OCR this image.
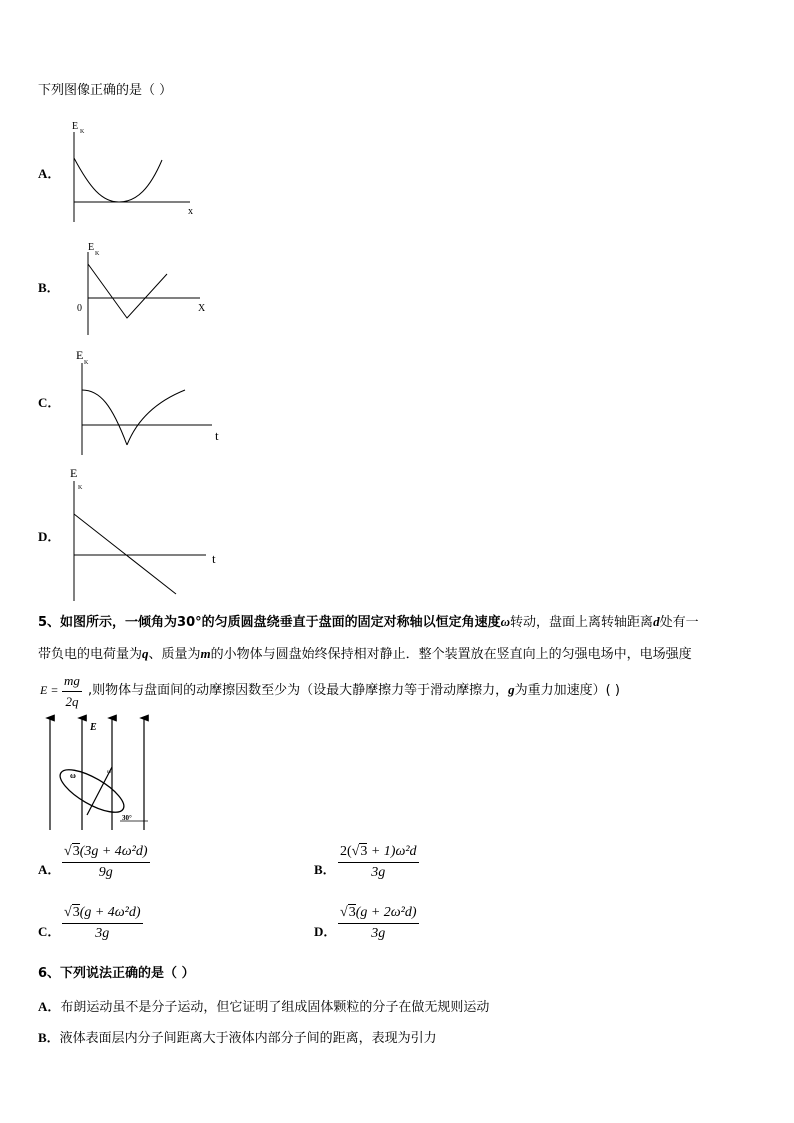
下列图像正确的是（ ）
A．
E K
x
B．
E
K
0	X
C．
E
K
t
D．
E
K
t
5、如图所示，一倾角为30°的匀质圆盘绕垂直于盘面的固定对称轴以恒定角速度ω转动，盘面上离转轴距离d处有一
带负电的电荷量为q、质量为m的小物体与圆盘始终保持相对静止．整个装置放在竖直向上的匀强电场中，电场强度
$E = \frac{mg}{2q}$ ,则物体与盘面间的动摩擦因数至少为（设最大静摩擦力等于滑动摩擦力，g为重力加速度）( )
E
ω	ω
30°
A． $\frac{\text{√3(3g + 4ω²d)}}{9g}$	B． $\frac{\text{2(√3 + 1)ω²d}}{3g}$
C． $\frac{\text{√3(g + 4ω²d)}}{3g}$	D． $\frac{\text{√3(g + 2ω²d)}}{3g}$
6、下列说法正确的是（ ）
A．布朗运动虽不是分子运动，但它证明了组成固体颗粒的分子在做无规则运动
B．液体表面层内分子间距离大于液体内部分子间的距离，表现为引力
